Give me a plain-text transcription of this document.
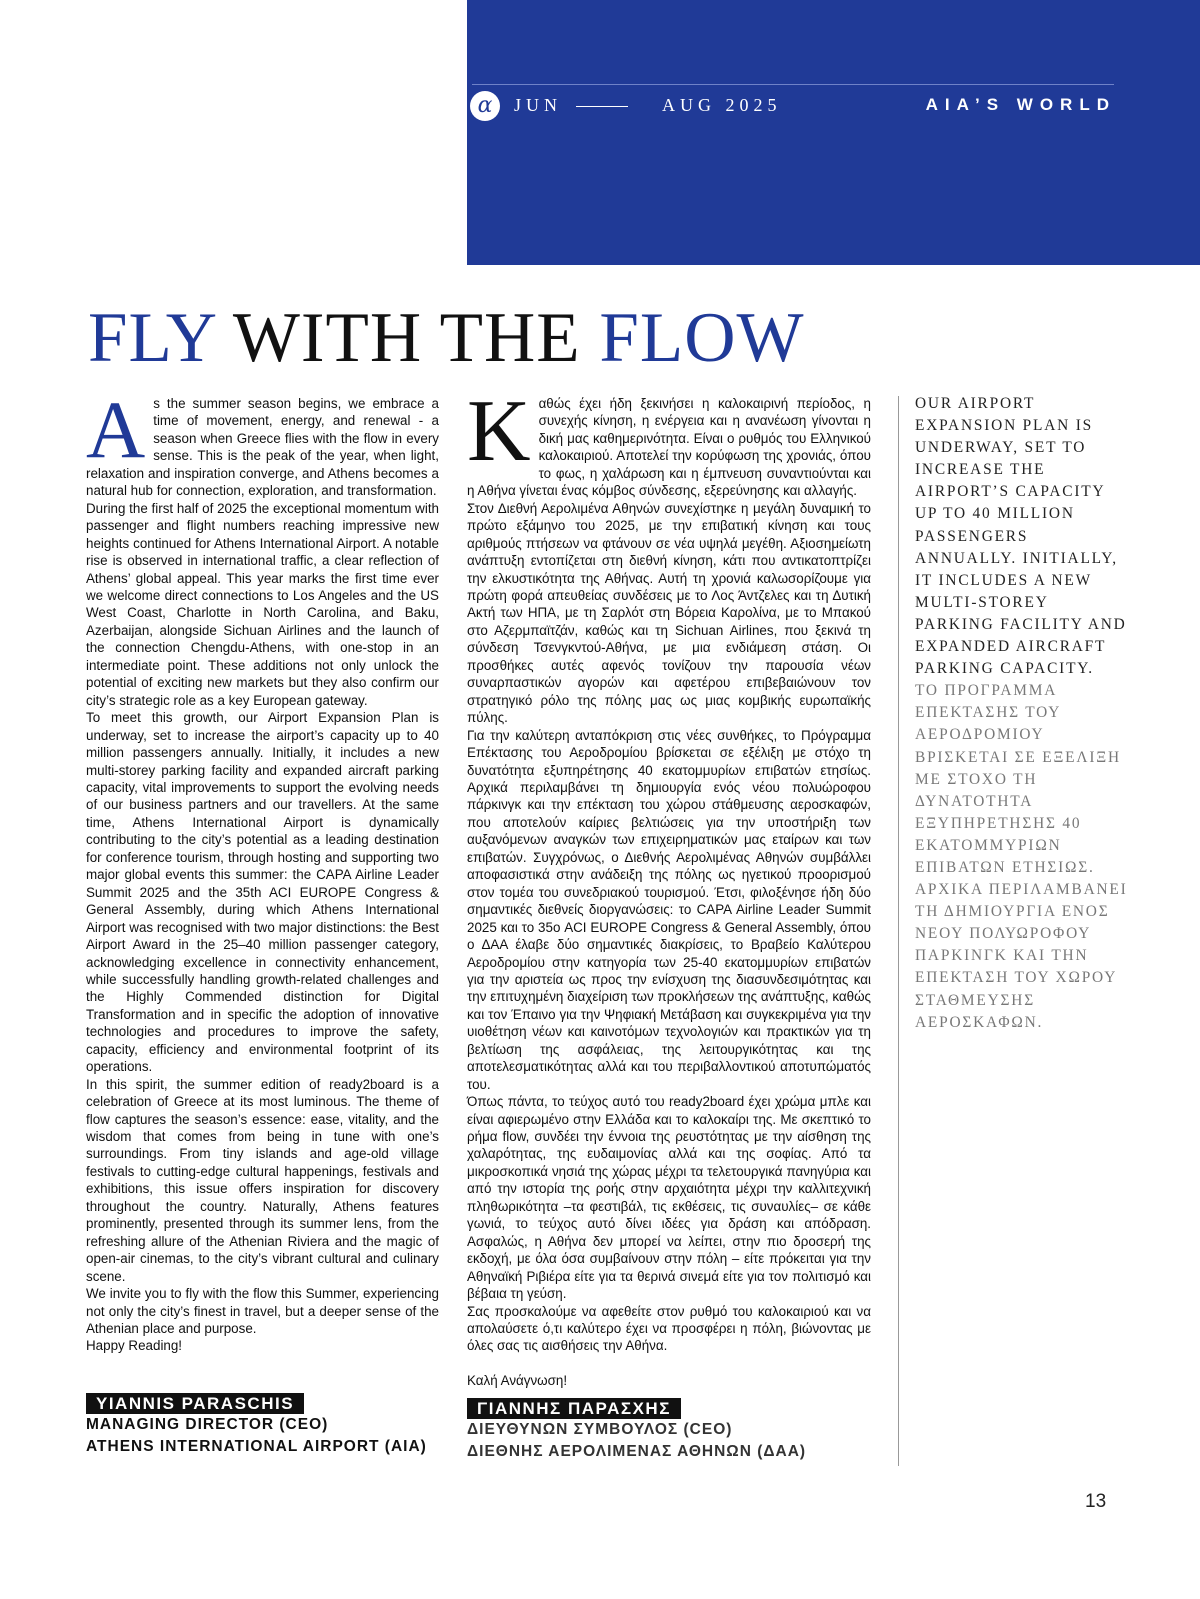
α	JUN	AUG 2025	AIA’S WORLD
FLY WITH THE FLOW
A s the summer season begins, we embrace a time of movement, energy, and renewal - a season when Greece flies with the flow in every sense. This is the peak of the year, when light, relaxation and inspiration converge, and Athens becomes a natural hub for connection, exploration, and transformation.

During the first half of 2025 the exceptional momentum with passenger and flight numbers reaching impressive new heights continued for Athens International Airport. A notable rise is observed in international traffic, a clear reflection of Athens’ global appeal. This year marks the first time ever we welcome direct connections to Los Angeles and the US West Coast, Charlotte in North Carolina, and Baku, Azerbaijan, alongside Sichuan Airlines and the launch of the connection Chengdu-Athens, with one-stop in an intermediate point. These additions not only unlock the potential of exciting new markets but they also confirm our city’s strategic role as a key European gateway.

To meet this growth, our Airport Expansion Plan is underway, set to increase the airport’s capacity up to 40 million passengers annually. Initially, it includes a new multi-storey parking facility and expanded aircraft parking capacity, vital improvements to support the evolving needs of our business partners and our travellers. At the same time, Athens International Airport is dynamically contributing to the city’s potential as a leading destination for conference tourism, through hosting and supporting two major global events this summer: the CAPA Airline Leader Summit 2025 and the 35th ACI EUROPE Congress & General Assembly, during which Athens International Airport was recognised with two major distinctions: the Best Airport Award in the 25–40 million passenger category, acknowledging excellence in connectivity enhancement, while successfully handling growth-related challenges and the Highly Commended distinction for Digital Transformation and in specific the adoption of innovative technologies and procedures to improve the safety, capacity, efficiency and environmental footprint of its operations.

In this spirit, the summer edition of ready2board is a celebration of Greece at its most luminous. The theme of flow captures the season’s essence: ease, vitality, and the wisdom that comes from being in tune with one’s surroundings. From tiny islands and age-old village festivals to cutting-edge cultural happenings, festivals and exhibitions, this issue offers inspiration for discovery throughout the country. Naturally, Athens features prominently, presented through its summer lens, from the refreshing allure of the Athenian Riviera and the magic of open-air cinemas, to the city’s vibrant cultural and culinary scene.

We invite you to fly with the flow this Summer, experiencing not only the city’s finest in travel, but a deeper sense of the Athenian place and purpose.

Happy Reading!

YIANNIS PARASCHIS
MANAGING DIRECTOR (CEO)
ATHENS INTERNATIONAL AIRPORT (AIA)
Κ αθώς έχει ήδη ξεκινήσει η καλοκαιρινή περίοδος, η συνεχής κίνηση, η ενέργεια και η ανανέωση γίνονται η δική μας καθημερινότητα. Είναι ο ρυθμός του Ελληνικού καλοκαιριού. Αποτελεί την κορύφωση της χρονιάς, όπου το φως, η χαλάρωση και η έμπνευση συναντιούνται και η Αθήνα γίνεται ένας κόμβος σύνδεσης, εξερεύνησης και αλλαγής.

Στον Διεθνή Αερολιμένα Αθηνών συνεχίστηκε η μεγάλη δυναμική το πρώτο εξάμηνο του 2025, με την επιβατική κίνηση και τους αριθμούς πτήσεων να φτάνουν σε νέα υψηλά μεγέθη. Αξιοσημείωτη ανάπτυξη εντοπίζεται στη διεθνή κίνηση, κάτι που αντικατοπτρίζει την ελκυστικότητα της Αθήνας. Αυτή τη χρονιά καλωσορίζουμε για πρώτη φορά απευθείας συνδέσεις με το Λος Άντζελες και τη Δυτική Ακτή των ΗΠΑ, με τη Σαρλότ στη Βόρεια Καρολίνα, με το Μπακού στο Αζερμπαϊτζάν, καθώς και τη Sichuan Airlines, που ξεκινά τη σύνδεση Τσενγκντού-Αθήνα, με μια ενδιάμεση στάση. Οι προσθήκες αυτές αφενός τονίζουν την παρουσία νέων συναρπαστικών αγορών και αφετέρου επιβεβαιώνουν τον στρατηγικό ρόλο της πόλης μας ως μιας κομβικής ευρωπαϊκής πύλης.

Για την καλύτερη ανταπόκριση στις νέες συνθήκες, το Πρόγραμμα Επέκτασης του Αεροδρομίου βρίσκεται σε εξέλιξη με στόχο τη δυνατότητα εξυπηρέτησης 40 εκατομμυρίων επιβατών ετησίως. Αρχικά περιλαμβάνει τη δημιουργία ενός νέου πολυώροφου πάρκινγκ και την επέκταση του χώρου στάθμευσης αεροσκαφών, που αποτελούν καίριες βελτιώσεις για την υποστήριξη των αυξανόμενων αναγκών των επιχειρηματικών μας εταίρων και των επιβατών. Συγχρόνως, ο Διεθνής Αερολιμένας Αθηνών συμβάλλει αποφασιστικά στην ανάδειξη της πόλης ως ηγετικού προορισμού στον τομέα του συνεδριακού τουρισμού. Έτσι, φιλοξένησε ήδη δύο σημαντικές διεθνείς διοργανώσεις: το CAPA Airline Leader Summit 2025 και το 35ο ACI EUROPE Congress & General Assembly, όπου ο ΔΑΑ έλαβε δύο σημαντικές διακρίσεις, το Βραβείο Καλύτερου Αεροδρομίου στην κατηγορία των 25-40 εκατομμυρίων επιβατών για την αριστεία ως προς την ενίσχυση της διασυνδεσιμότητας και την επιτυχημένη διαχείριση των προκλήσεων της ανάπτυξης, καθώς και τον Έπαινο για την Ψηφιακή Μετάβαση και συγκεκριμένα για την υιοθέτηση νέων και καινοτόμων τεχνολογιών και πρακτικών για τη βελτίωση της ασφάλειας, της λειτουργικότητας και της αποτελεσματικότητας αλλά και του περιβαλλοντικού αποτυπώματός του.

Όπως πάντα, το τεύχος αυτό του ready2board έχει χρώμα μπλε και είναι αφιερωμένο στην Ελλάδα και το καλοκαίρι της. Με σκεπτικό το ρήμα flow, συνδέει την έννοια της ρευστότητας με την αίσθηση της χαλαρότητας, της ευδαιμονίας αλλά και της σοφίας. Από τα μικροσκοπικά νησιά της χώρας μέχρι τα τελετουργικά πανηγύρια και από την ιστορία της ροής στην αρχαιότητα μέχρι την καλλιτεχνική πληθωρικότητα –τα φεστιβάλ, τις εκθέσεις, τις συναυλίες– σε κάθε γωνιά, το τεύχος αυτό δίνει ιδέες για δράση και απόδραση. Ασφαλώς, η Αθήνα δεν μπορεί να λείπει, στην πιο δροσερή της εκδοχή, με όλα όσα συμβαίνουν στην πόλη – είτε πρόκειται για την Αθηναϊκή Ριβιέρα είτε για τα θερινά σινεμά είτε για τον πολιτισμό και βέβαια τη γεύση.

Σας προσκαλούμε να αφεθείτε στον ρυθμό του καλοκαιριού και να απολαύσετε ό,τι καλύτερο έχει να προσφέρει η πόλη, βιώνοντας με όλες σας τις αισθήσεις την Αθήνα.

Καλή Ανάγνωση!

ΓΙΑΝΝΗΣ ΠΑΡΑΣΧΗΣ
ΔΙΕΥΘΥΝΩΝ ΣΥΜΒΟΥΛΟΣ (CEO)
ΔΙΕΘΝΗΣ ΑΕΡΟΛΙΜΕΝΑΣ ΑΘΗΝΩΝ (ΔΑΑ)
OUR AIRPORT EXPANSION PLAN IS UNDERWAY, SET TO INCREASE THE AIRPORT’S CAPACITY UP TO 40 MILLION PASSENGERS ANNUALLY. INITIALLY, IT INCLUDES A NEW MULTI-STOREY PARKING FACILITY AND EXPANDED AIRCRAFT PARKING CAPACITY.
ΤΟ ΠΡΟΓΡΑΜΜΑ ΕΠΕΚΤΑΣΗΣ ΤΟΥ ΑΕΡΟΔΡΟΜΙΟΥ ΒΡΙΣΚΕΤΑΙ ΣΕ ΕΞΕΛΙΞΗ ΜΕ ΣΤΟΧΟ ΤΗ ΔΥΝΑΤΟΤΗΤΑ ΕΞΥΠΗΡΕΤΗΣΗΣ 40 ΕΚΑΤΟΜΜΥΡΙΩΝ ΕΠΙΒΑΤΩΝ ΕΤΗΣΙΩΣ. ΑΡΧΙΚΑ ΠΕΡΙΛΑΜΒΑΝΕΙ ΤΗ ΔΗΜΙΟΥΡΓΙΑ ΕΝΟΣ ΝΕΟΥ ΠΟΛΥΩΡΟΦΟΥ ΠΑΡΚΙΝΓΚ ΚΑΙ ΤΗΝ ΕΠΕΚΤΑΣΗ ΤΟΥ ΧΩΡΟΥ ΣΤΑΘΜΕΥΣΗΣ ΑΕΡΟΣΚΑΦΩΝ.
13
